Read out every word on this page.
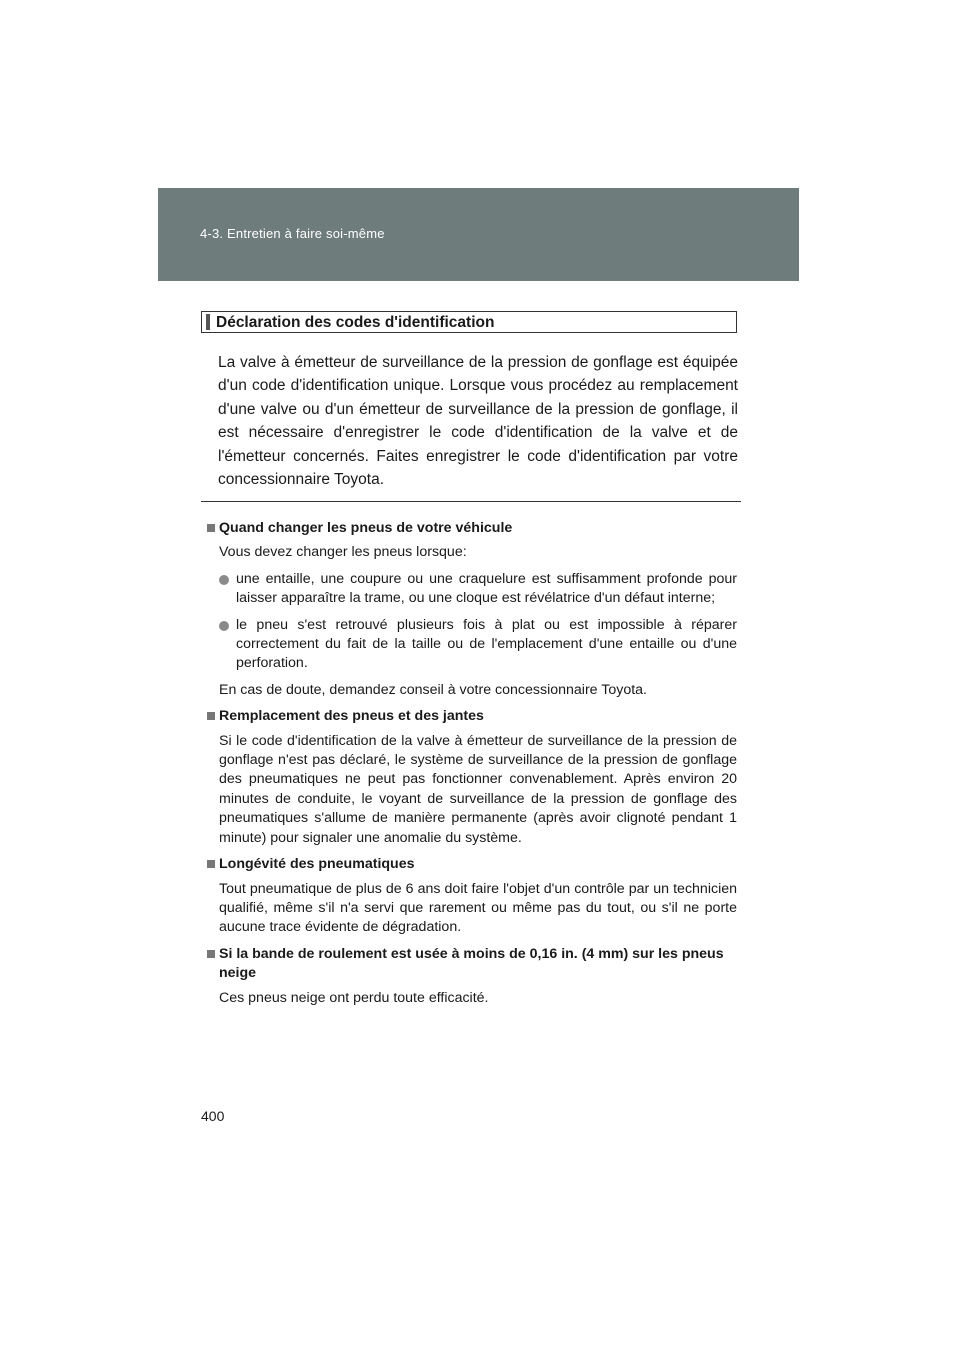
4-3. Entretien à faire soi-même
Déclaration des codes d'identification

La valve à émetteur de surveillance de la pression de gonflage est équipée d'un code d'identification unique. Lorsque vous procédez au remplacement d'une valve ou d'un émetteur de surveillance de la pression de gonflage, il est nécessaire d'enregistrer le code d'identification de la valve et de l'émetteur concernés. Faites enregistrer le code d'identification par votre concessionnaire Toyota.

Quand changer les pneus de votre véhicule

Vous devez changer les pneus lorsque:

une entaille, une coupure ou une craquelure est suffisamment profonde pour laisser apparaître la trame, ou une cloque est révélatrice d'un défaut interne;

le pneu s'est retrouvé plusieurs fois à plat ou est impossible à réparer correctement du fait de la taille ou de l'emplacement d'une entaille ou d'une perforation.

En cas de doute, demandez conseil à votre concessionnaire Toyota.

Remplacement des pneus et des jantes

Si le code d'identification de la valve à émetteur de surveillance de la pression de gonflage n'est pas déclaré, le système de surveillance de la pression de gonflage des pneumatiques ne peut pas fonctionner convenablement. Après environ 20 minutes de conduite, le voyant de surveillance de la pression de gonflage des pneumatiques s'allume de manière permanente (après avoir clignoté pendant 1 minute) pour signaler une anomalie du système.

Longévité des pneumatiques

Tout pneumatique de plus de 6 ans doit faire l'objet d'un contrôle par un technicien qualifié, même s'il n'a servi que rarement ou même pas du tout, ou s'il ne porte aucune trace évidente de dégradation.

Si la bande de roulement est usée à moins de 0,16 in. (4 mm) sur les pneus neige

Ces pneus neige ont perdu toute efficacité.

400
